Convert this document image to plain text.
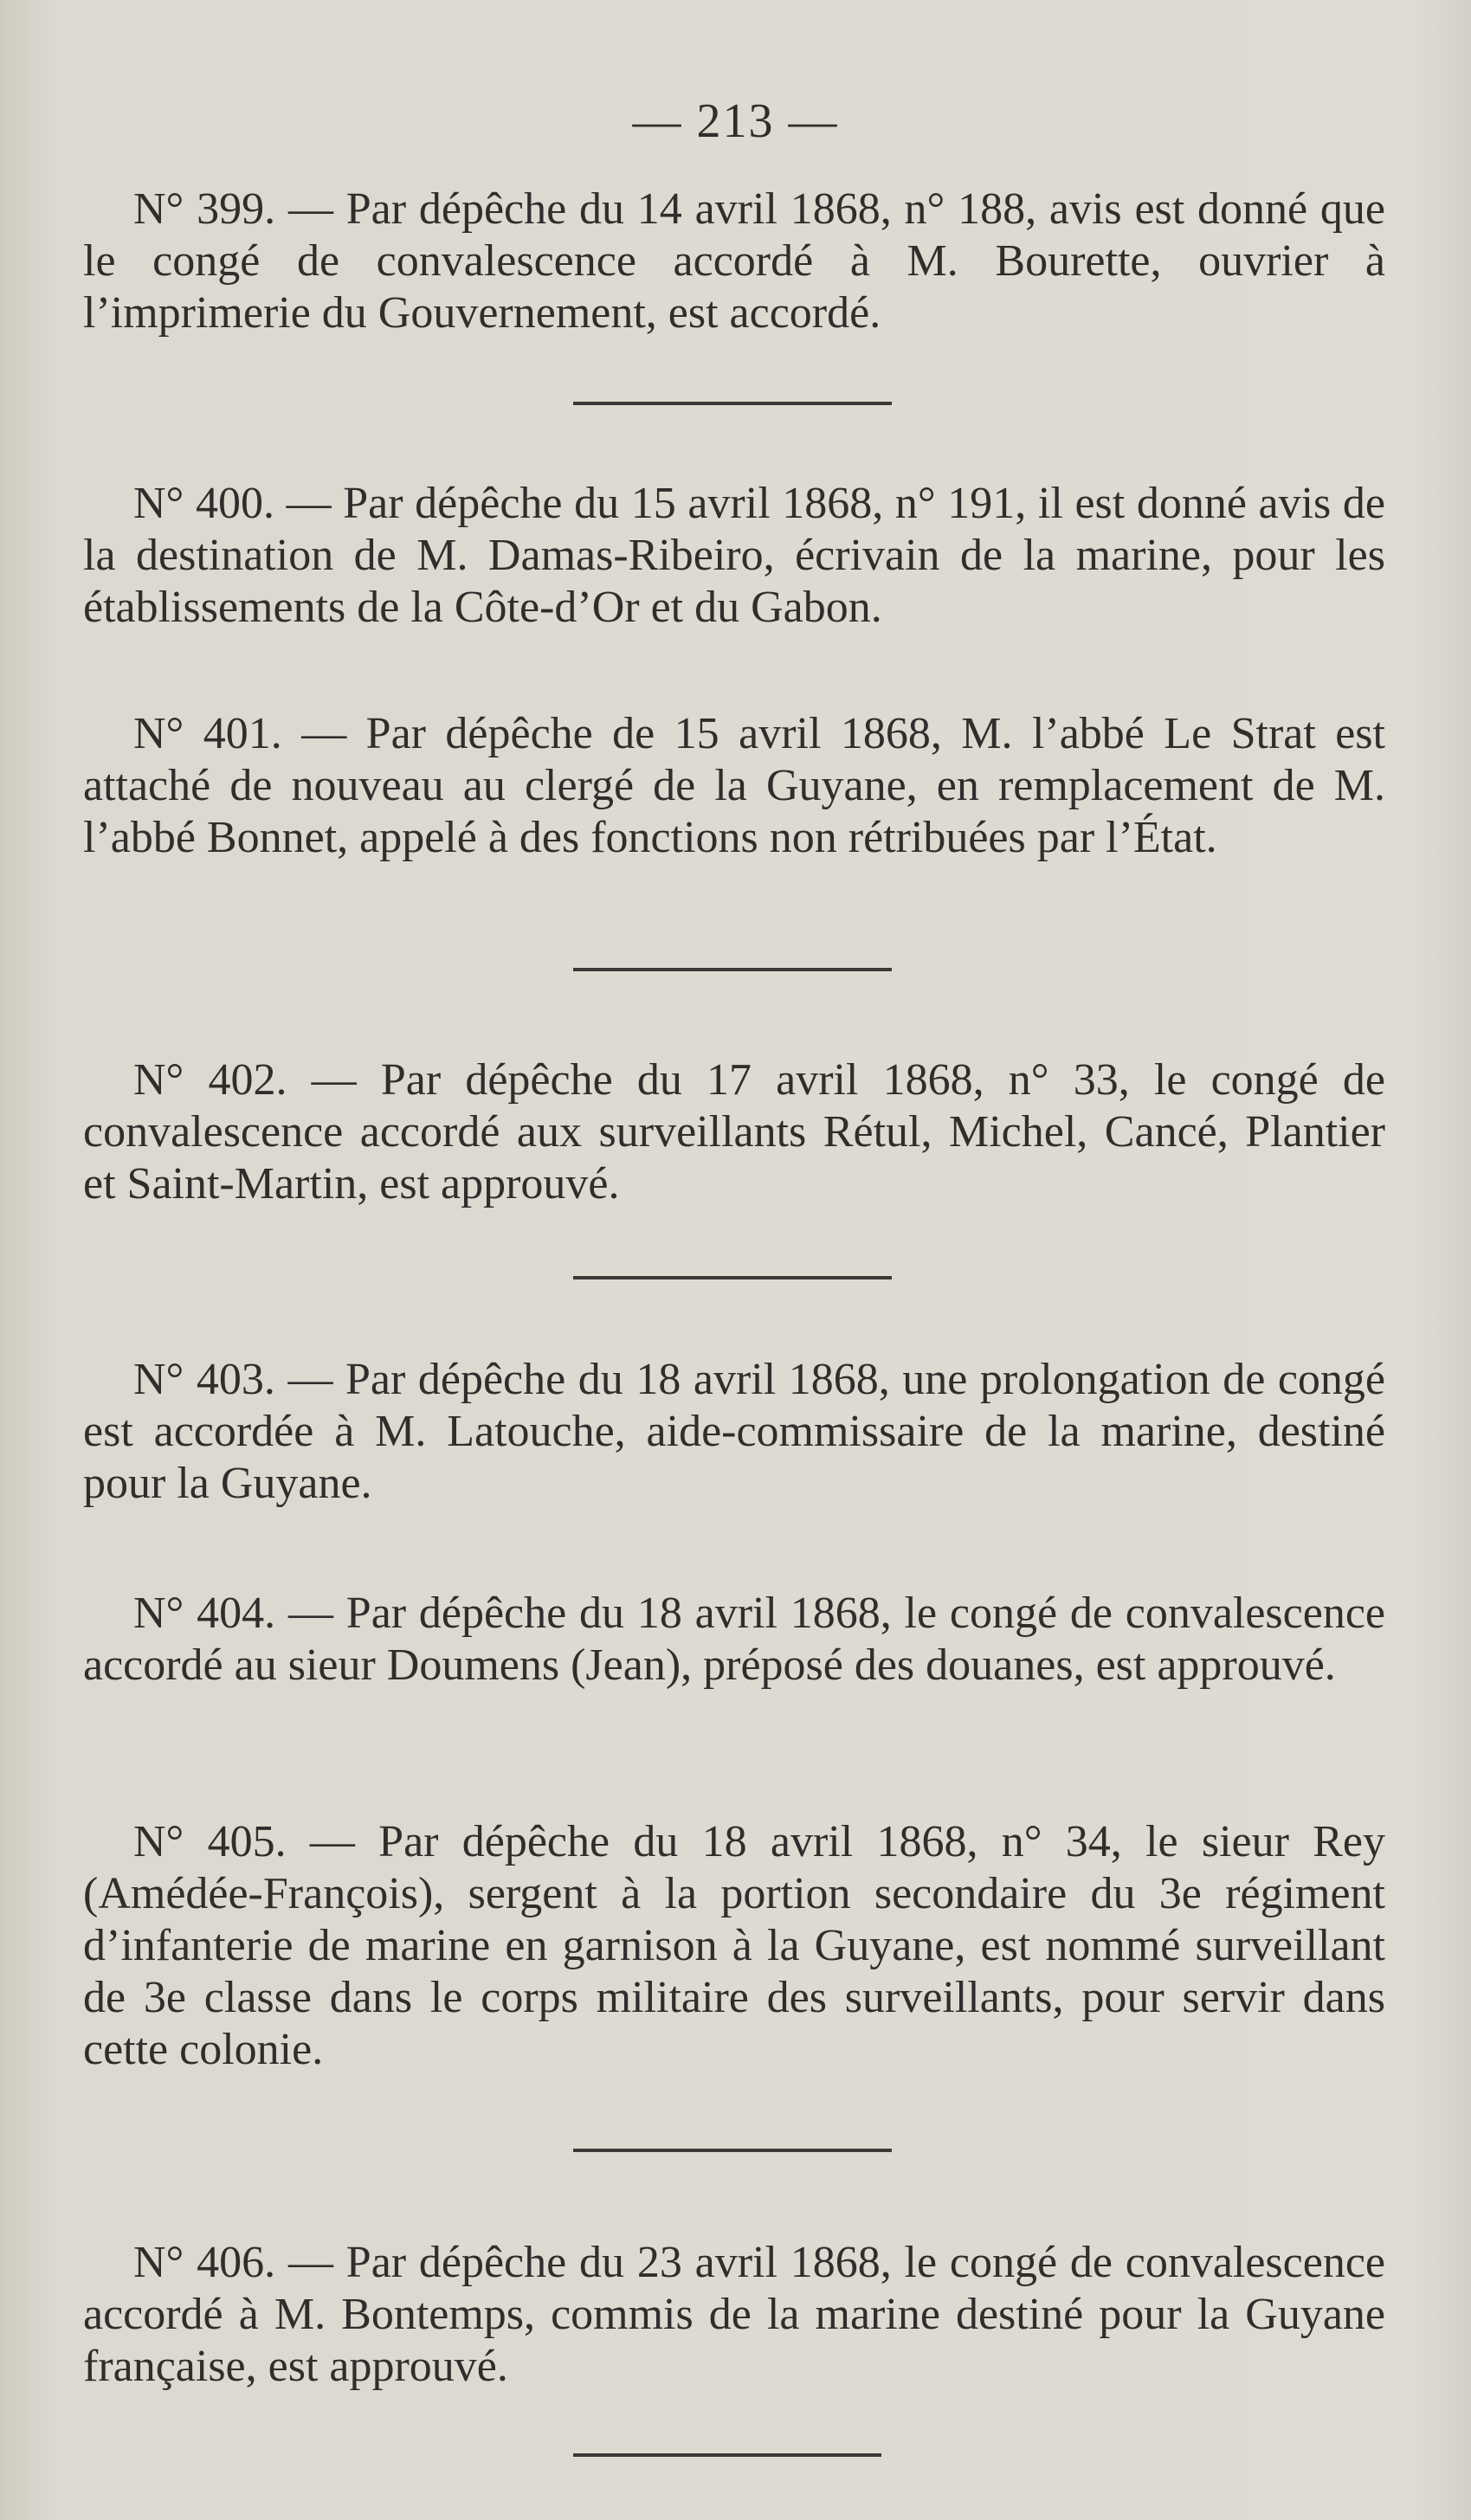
— 213 —

N° 399. — Par dépêche du 14 avril 1868, n° 188, avis est donné que le congé de convalescence accordé à M. Bourette, ouvrier à l’imprimerie du Gouvernement, est accordé.

N° 400. — Par dépêche du 15 avril 1868, n° 191, il est donné avis de la destination de M. Damas-Ribeiro, écrivain de la marine, pour les établissements de la Côte-d’Or et du Gabon.

N° 401. — Par dépêche de 15 avril 1868, M. l’abbé Le Strat est attaché de nouveau au clergé de la Guyane, en remplacement de M. l’abbé Bonnet, appelé à des fonctions non rétribuées par l’État.

N° 402. — Par dépêche du 17 avril 1868, n° 33, le congé de convalescence accordé aux surveillants Rétul, Michel, Cancé, Plantier et Saint-Martin, est approuvé.

N° 403. — Par dépêche du 18 avril 1868, une prolongation de congé est accordée à M. Latouche, aide-commissaire de la marine, destiné pour la Guyane.

N° 404. — Par dépêche du 18 avril 1868, le congé de convalescence accordé au sieur Doumens (Jean), préposé des douanes, est approuvé.

N° 405. — Par dépêche du 18 avril 1868, n° 34, le sieur Rey (Amédée-François), sergent à la portion secondaire du 3e régiment d’infanterie de marine en garnison à la Guyane, est nommé surveillant de 3e classe dans le corps militaire des surveillants, pour servir dans cette colonie.

N° 406. — Par dépêche du 23 avril 1868, le congé de convalescence accordé à M. Bontemps, commis de la marine destiné pour la Guyane française, est approuvé.
